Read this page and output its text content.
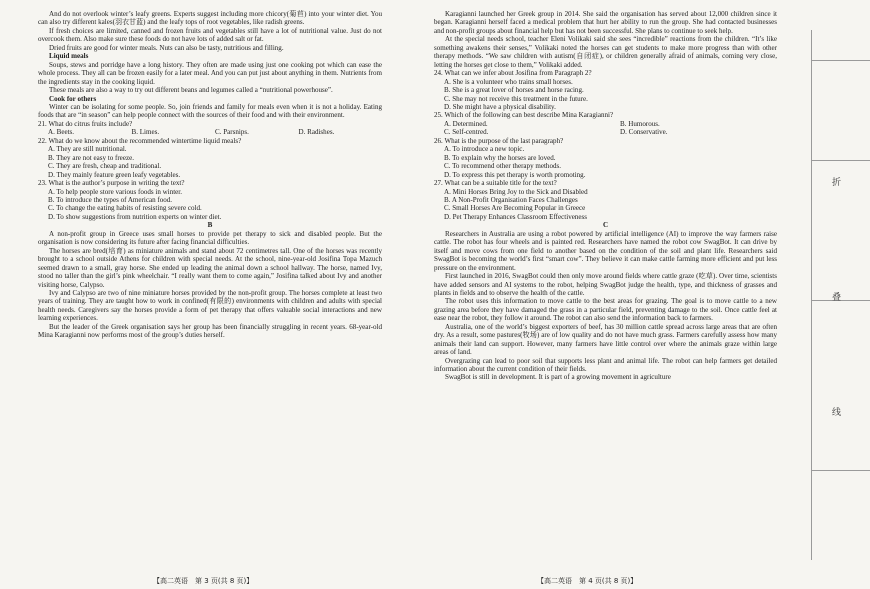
And do not overlook winter’s leafy greens. Experts suggest including more chicory(菊苣) into your winter diet. You can also try different kales(羽衣甘蓝) and the leafy tops of root vegetables, like radish greens.

If fresh choices are limited, canned and frozen fruits and vegetables still have a lot of nutritional value. Just do not overcook them. Also make sure these foods do not have lots of added salt or fat.

Dried fruits are good for winter meals. Nuts can also be tasty, nutritious and filling.

Liquid meals

Soups, stews and porridge have a long history. They often are made using just one cooking pot which can ease the whole process. They all can be frozen easily for a later meal. And you can put just about anything in them. Nutrients from the ingredients stay in the cooking liquid.

These meals are also a way to try out different beans and legumes called a “nutritional powerhouse”.

Cook for others

Winter can be isolating for some people. So, join friends and family for meals even when it is not a holiday. Eating foods that are “in season” can help people connect with the sources of their food and with their environment.

21. What do citrus fruits include?

A. Beets.	B. Limes.	C. Parsnips.	D. Radishes.

22. What do we know about the recommended wintertime liquid meals?

A. They are still nutritional.

B. They are not easy to freeze.

C. They are fresh, cheap and traditional.

D. They mainly feature green leafy vegetables.

23. What is the author’s purpose in writing the text?

A. To help people store various foods in winter.

B. To introduce the types of American food.

C. To change the eating habits of resisting severe cold.

D. To show suggestions from nutrition experts on winter diet.

B

A non-profit group in Greece uses small horses to provide pet therapy to sick and disabled people. But the organisation is now considering its future after facing financial difficulties.

The horses are bred(培育) as miniature animals and stand about 72 centimetres tall. One of the horses was recently brought to a school outside Athens for children with special needs. At the school, nine-year-old Josifina Topa Mazuch seemed drawn to a small, gray horse. She ended up leading the animal down a school hallway. The horse, named Ivy, stood no taller than the girl’s pink wheelchair. “I really want them to come again,” Josifina talked about Ivy and another visiting horse, Calypso.

Ivy and Calypso are two of nine miniature horses provided by the non-profit group. The horses complete at least two years of training. They are taught how to work in confined(有限的) environments with children and adults with special health needs. Caregivers say the horses provide a form of pet therapy that offers valuable social interactions and new learning experiences.

But the leader of the Greek organisation says her group has been financially struggling in recent years. 68-year-old Mina Karagianni now performs most of the group’s duties herself.

Karagianni launched her Greek group in 2014. She said the organisation has served about 12,000 children since it began. Karagianni herself faced a medical problem that hurt her ability to run the group. She had contacted businesses and non-profit groups about financial help but has not been successful. She plans to continue to seek help.

At the special needs school, teacher Eleni Volikaki said she sees “incredible” reactions from the children. “It’s like something awakens their senses,” Volikaki noted the horses can get students to make more progress than with other therapy methods. “We saw children with autism(自闭症), or children generally afraid of animals, coming very close, letting the horses get close to them,” Volikaki added.

24. What can we infer about Josifina from Paragraph 2?

A. She is a volunteer who trains small horses.

B. She is a great lover of horses and horse racing.

C. She may not receive this treatment in the future.

D. She might have a physical disability.

25. Which of the following can best describe Mina Karagianni?

A. Determined.	B. Humorous.

C. Self-centred.	D. Conservative.

26. What is the purpose of the last paragraph?

A. To introduce a new topic.

B. To explain why the horses are loved.

C. To recommend other therapy methods.

D. To express this pet therapy is worth promoting.

27. What can be a suitable title for the text?

A. Mini Horses Bring Joy to the Sick and Disabled

B. A Non-Profit Organisation Faces Challenges

C. Small Horses Are Becoming Popular in Greece

D. Pet Therapy Enhances Classroom Effectiveness

C

Researchers in Australia are using a robot powered by artificial intelligence (AI) to improve the way farmers raise cattle. The robot has four wheels and is painted red. Researchers have named the robot cow SwagBot. It can drive by itself and move cows from one field to another based on the condition of the soil and plant life. Researchers said SwagBot is becoming the world’s first “smart cow”. They believe it can make cattle farming more efficient and put less pressure on the environment.

First launched in 2016, SwagBot could then only move around fields where cattle graze (吃草). Over time, scientists have added sensors and AI systems to the robot, helping SwagBot judge the health, type, and thickness of grasses and plants in fields and to observe the health of the cattle.

The robot uses this information to move cattle to the best areas for grazing. The goal is to move cattle to a new grazing area before they have damaged the grass in a particular field, preventing damage to the soil. Once cattle feel at ease near the robot, they follow it around. The robot can also send the information back to farmers.

Australia, one of the world’s biggest exporters of beef, has 30 million cattle spread across large areas that are often dry. As a result, some pastures(牧场) are of low quality and do not have much grass. Farmers carefully assess how many animals their land can support. However, many farmers have little control over where the animals graze within large areas of land.

Overgrazing can lead to poor soil that supports less plant and animal life. The robot can help farmers get detailed information about the current condition of their fields.

SwagBot is still in development. It is part of a growing movement in agriculture

【高二英语　第 3 页(共 8 页)】	【高二英语　第 4 页(共 8 页)】
折
叠
线
